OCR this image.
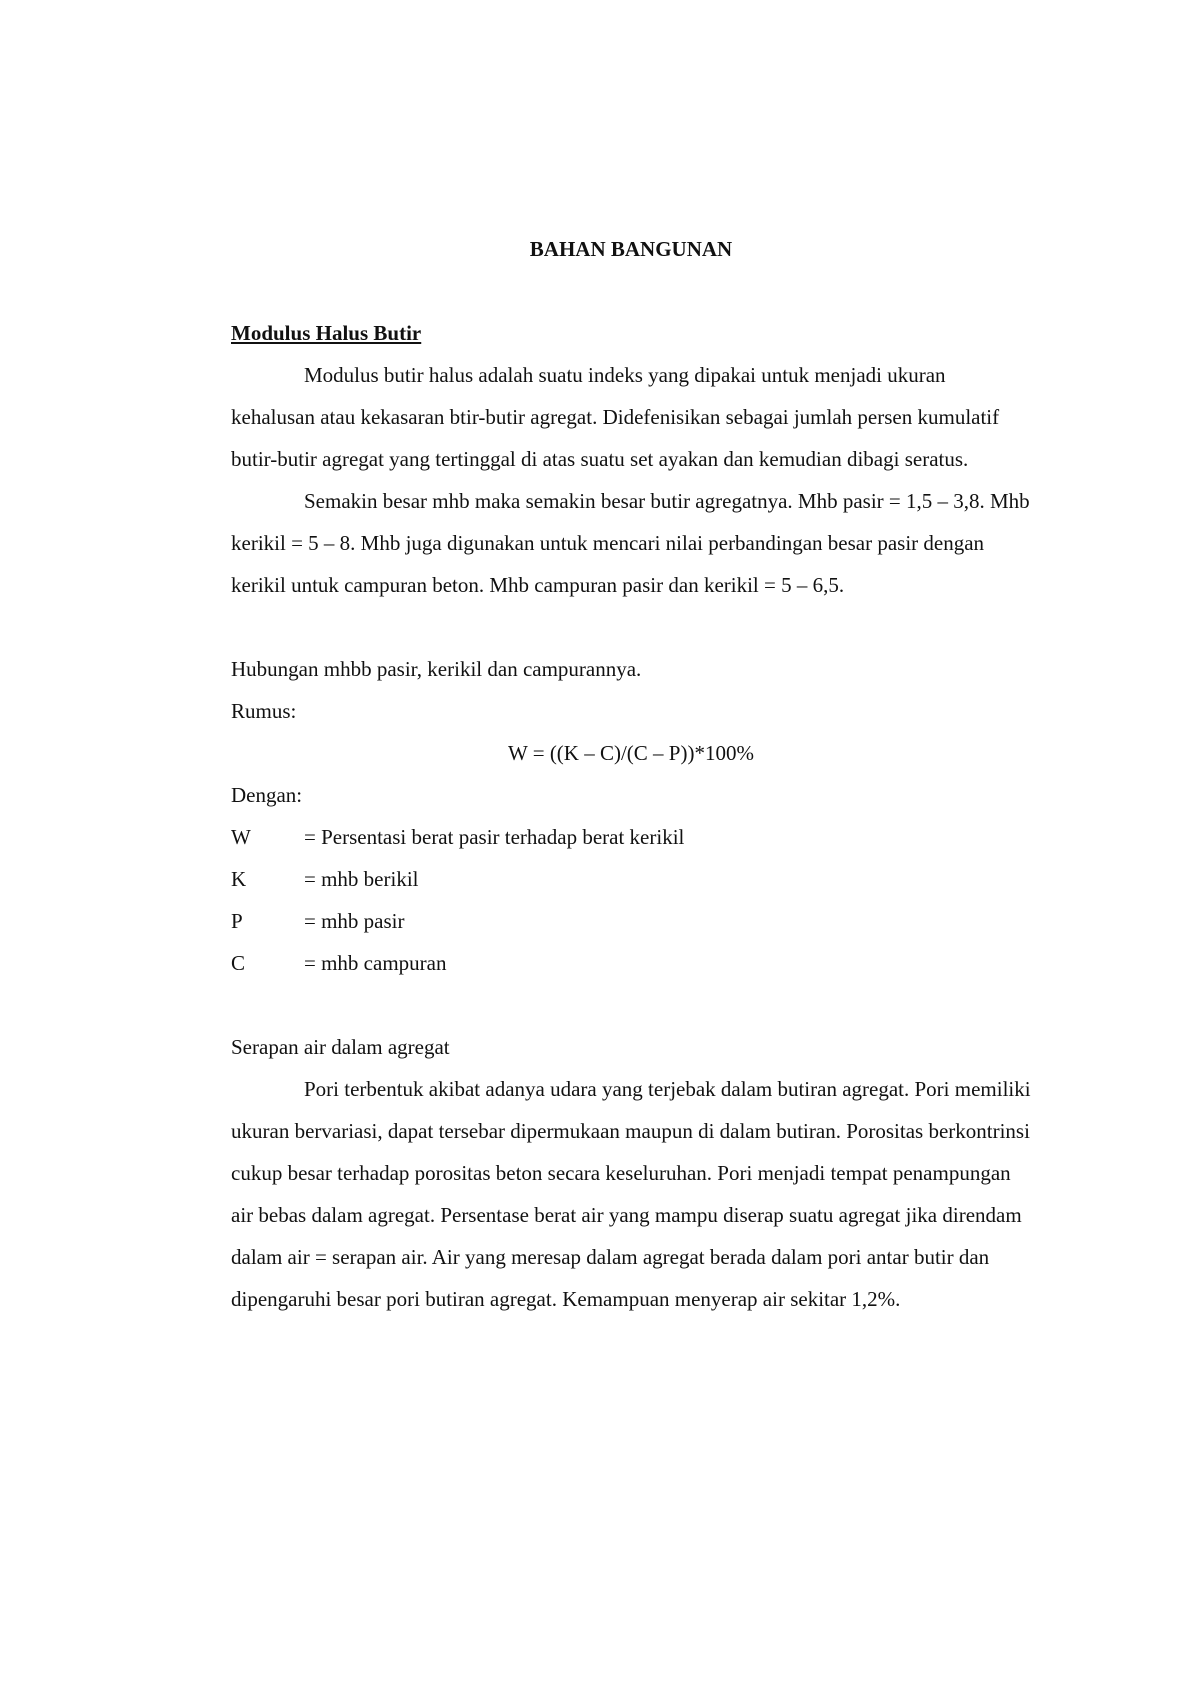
BAHAN BANGUNAN
Modulus Halus Butir

Modulus butir halus adalah suatu indeks yang dipakai untuk menjadi ukuran kehalusan atau kekasaran btir-butir agregat. Didefenisikan sebagai jumlah persen kumulatif butir-butir agregat yang tertinggal di atas suatu set ayakan dan kemudian dibagi seratus.

Semakin besar mhb maka semakin besar butir agregatnya. Mhb pasir = 1,5 – 3,8. Mhb kerikil = 5 – 8. Mhb juga digunakan untuk mencari nilai perbandingan besar pasir dengan kerikil untuk campuran beton. Mhb campuran pasir dan kerikil = 5 – 6,5.

Hubungan mhbb pasir, kerikil dan campurannya.

Rumus:

W = ((K – C)/(C – P))*100%

Dengan:

W	= Persentasi berat pasir terhadap berat kerikil
K	= mhb berikil
P	= mhb pasir
C	= mhb campuran
Serapan air dalam agregat

Pori terbentuk akibat adanya udara yang terjebak dalam butiran agregat. Pori memiliki ukuran bervariasi, dapat tersebar dipermukaan maupun di dalam butiran. Porositas berkontrinsi cukup besar terhadap porositas beton secara keseluruhan. Pori menjadi tempat penampungan air bebas dalam agregat. Persentase berat air yang mampu diserap suatu agregat jika direndam dalam air = serapan air. Air yang meresap dalam agregat berada dalam pori antar butir dan dipengaruhi besar pori butiran agregat. Kemampuan menyerap air sekitar 1,2%.
